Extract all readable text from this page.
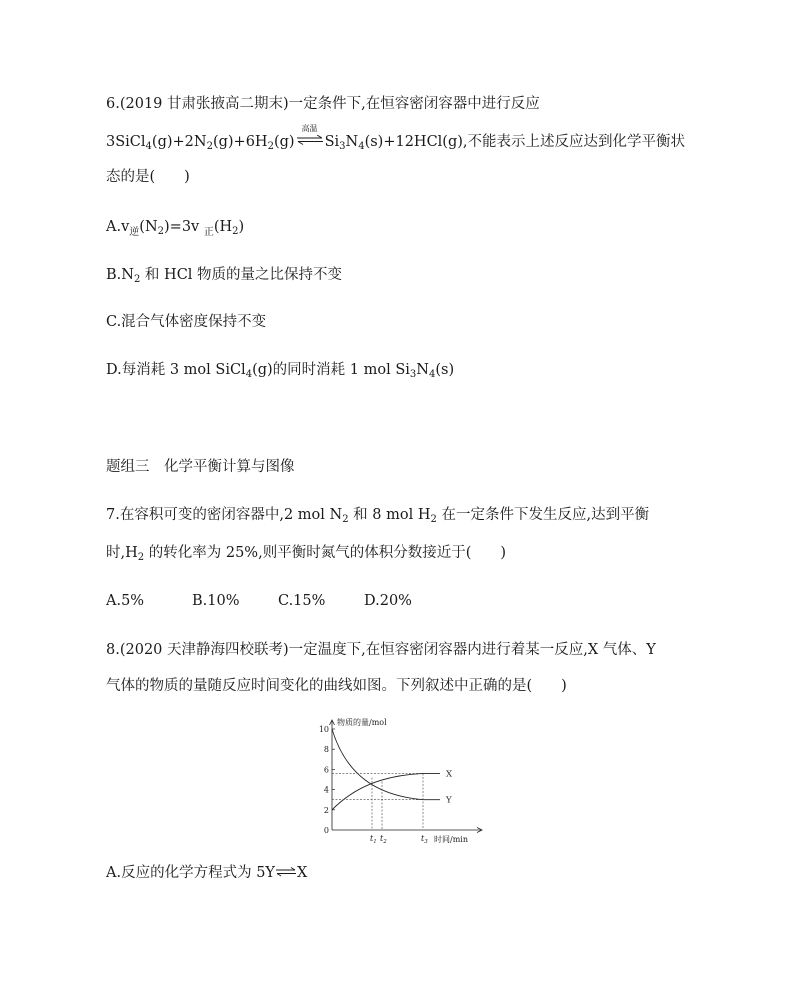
6.(2019 甘肃张掖高二期末)一定条件下,在恒容密闭容器中进行反应
$3SiCl_4(g)+2N_2(g)+6H_2(g)$
高温
$Si_3N_4(s)+12HCl(g)$,不能表示上述反应达到化学平衡状
态的是(　　)
$A.v_逆(N_2)=3v$ $_正(H_2)$
$B.N_2$ 和 HCl 物质的量之比保持不变
C.混合气体密度保持不变
D.每消耗 3 mol SiCl$_4$(g)的同时消耗 1 mol $Si_3N_4(s)$
题组三　化学平衡计算与图像
7.在容积可变的密闭容器中,2 mol $N_2$ 和 8 mol $H_2$ 在一定条件下发生反应,达到平衡
时$,H_2$ 的转化率为 25%,则平衡时氮气的体积分数接近于(　　)
A.5%	B.10%	C.15%	D.20%
8.(2020 天津静海四校联考)一定温度下,在恒容密闭容器内进行着某一反应,X 气体、Y
气体的物质的量随反应时间变化的曲线如图。下列叙述中正确的是(　　)
物质的量/mol
时间/min
0
2
4
6
8
10
$t_1$ $t_2$	$t_3$
X
Y
A.反应的化学方程式为 5Y⇌X
